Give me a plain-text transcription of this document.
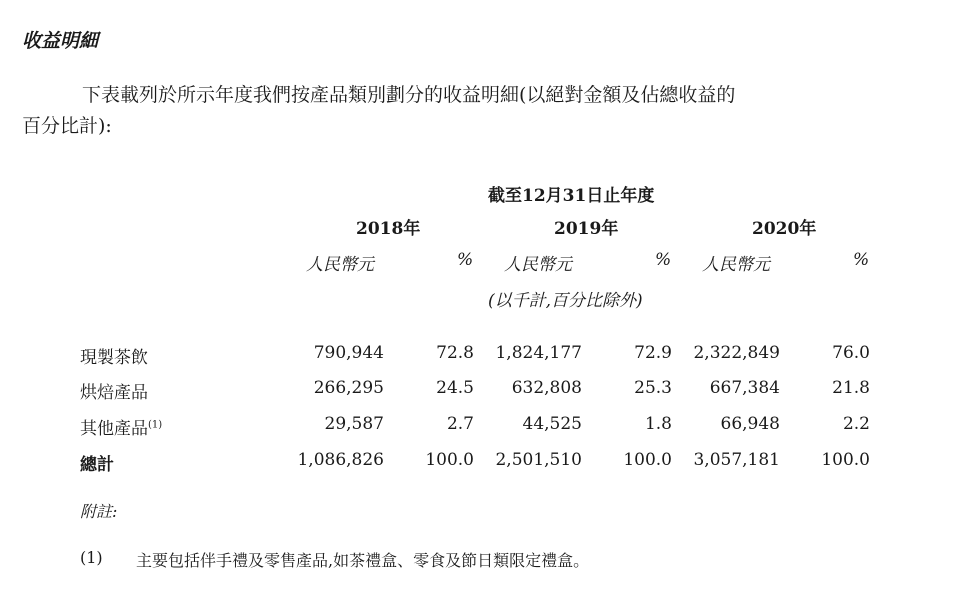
收益明細
下表載列於所示年度我們按產品類別劃分的收益明細(以絕對金額及佔總收益的
百分比計):
截至12月31日止年度
2018年	2019年	2020年
人民幣元	% 人民幣元	% 人民幣元	%
(以千計,百分比除外)
現製茶飲	790,944	72.8	1,824,177	72.9	2,322,849	76.0
烘焙產品	266,295	24.5	632,808	25.3	667,384	21.8
其他產品$^{(1)}$	29,587	2.7	44,525	1.8	66,948	2.2
總計	1,086,826	100.0	2,501,510	100.0	3,057,181	100.0
附註:
(1) 主要包括伴手禮及零售產品,如茶禮盒、零食及節日類限定禮盒。
